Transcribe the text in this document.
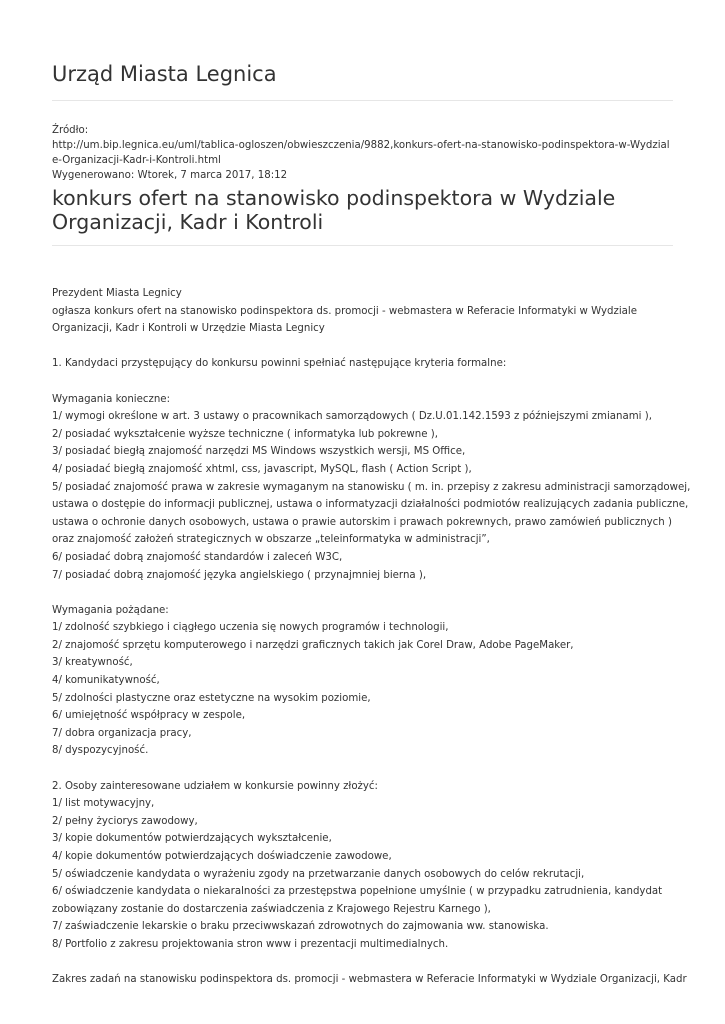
Urząd Miasta Legnica
Źródło:
http://um.bip.legnica.eu/uml/tablica-ogloszen/obwieszczenia/9882,konkurs-ofert-na-stanowisko-podinspektora-w-Wydziale-Organizacji-Kadr-i-Kontroli.html
Wygenerowano: Wtorek, 7 marca 2017, 18:12
konkurs ofert na stanowisko podinspektora w Wydziale Organizacji, Kadr i Kontroli

Prezydent Miasta Legnicy
ogłasza konkurs ofert na stanowisko podinspektora ds. promocji - webmastera w Referacie Informatyki w Wydziale
Organizacji, Kadr i Kontroli w Urzędzie Miasta Legnicy

1. Kandydaci przystępujący do konkursu powinni spełniać następujące kryteria formalne:

Wymagania konieczne:
1/ wymogi określone w art. 3 ustawy o pracownikach samorządowych ( Dz.U.01.142.1593 z późniejszymi zmianami ),
2/ posiadać wykształcenie wyższe techniczne ( informatyka lub pokrewne ),
3/ posiadać biegłą znajomość narzędzi MS Windows wszystkich wersji, MS Office,
4/ posiadać biegłą znajomość xhtml, css, javascript, MySQL, flash ( Action Script ),
5/ posiadać znajomość prawa w zakresie wymaganym na stanowisku ( m. in. przepisy z zakresu administracji samorządowej,
ustawa o dostępie do informacji publicznej, ustawa o informatyzacji działalności podmiotów realizujących zadania publiczne,
ustawa o ochronie danych osobowych, ustawa o prawie autorskim i prawach pokrewnych, prawo zamówień publicznych )
oraz znajomość założeń strategicznych w obszarze „teleinformatyka w administracji”,
6/ posiadać dobrą znajomość standardów i zaleceń W3C,
7/ posiadać dobrą znajomość języka angielskiego ( przynajmniej bierna ),

Wymagania pożądane:
1/ zdolność szybkiego i ciągłego uczenia się nowych programów i technologii,
2/ znajomość sprzętu komputerowego i narzędzi graficznych takich jak Corel Draw, Adobe PageMaker,
3/ kreatywność,
4/ komunikatywność,
5/ zdolności plastyczne oraz estetyczne na wysokim poziomie,
6/ umiejętność współpracy w zespole,
7/ dobra organizacja pracy,
8/ dyspozycyjność.

2. Osoby zainteresowane udziałem w konkursie powinny złożyć:
1/ list motywacyjny,
2/ pełny życiorys zawodowy,
3/ kopie dokumentów potwierdzających wykształcenie,
4/ kopie dokumentów potwierdzających doświadczenie zawodowe,
5/ oświadczenie kandydata o wyrażeniu zgody na przetwarzanie danych osobowych do celów rekrutacji,
6/ oświadczenie kandydata o niekaralności za przestępstwa popełnione umyślnie ( w przypadku zatrudnienia, kandydat
zobowiązany zostanie do dostarczenia zaświadczenia z Krajowego Rejestru Karnego ),
7/ zaświadczenie lekarskie o braku przeciwwskazań zdrowotnych do zajmowania ww. stanowiska.
8/ Portfolio z zakresu projektowania stron www i prezentacji multimedialnych.

Zakres zadań na stanowisku podinspektora ds. promocji - webmastera w Referacie Informatyki w Wydziale Organizacji, Kadr
